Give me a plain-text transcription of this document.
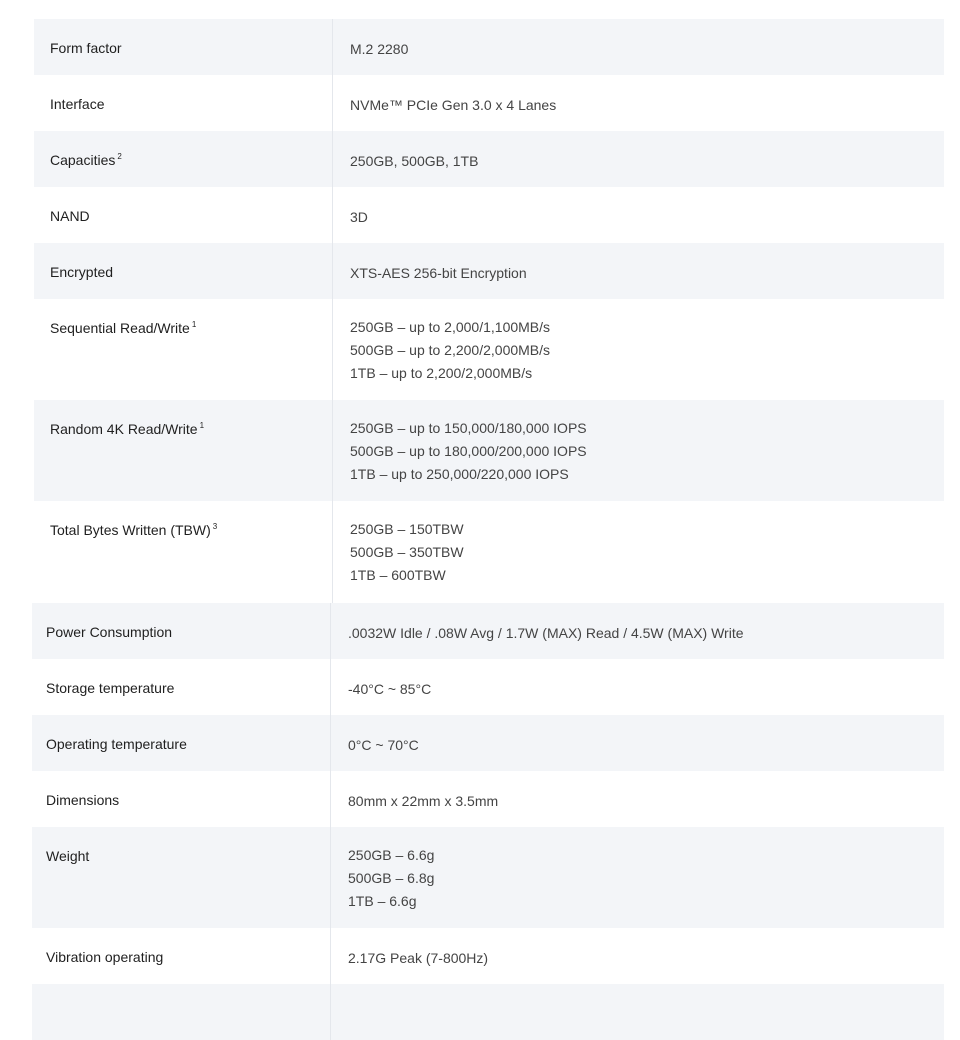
Form factor	M.2 2280
Interface	NVMe™ PCIe Gen 3.0 x 4 Lanes
Capacities $^2$	250GB, 500GB, 1TB
NAND	3D
Encrypted	XTS-AES 256-bit Encryption
Sequential Read/Write $^1$	250GB – up to 2,000/1,100MB/s
500GB – up to 2,200/2,000MB/s
1TB – up to 2,200/2,000MB/s
Random 4K Read/Write $^1$	250GB – up to 150,000/180,000 IOPS
500GB – up to 180,000/200,000 IOPS
1TB – up to 250,000/220,000 IOPS
Total Bytes Written (TBW) $^3$	250GB – 150TBW
500GB – 350TBW
1TB – 600TBW
Power Consumption	.0032W Idle / .08W Avg / 1.7W (MAX) Read / 4.5W (MAX) Write
Storage temperature	-40°C ~ 85°C
Operating temperature	0°C ~ 70°C
Dimensions	80mm x 22mm x 3.5mm
Weight	250GB – 6.6g
500GB – 6.8g
1TB – 6.6g
Vibration operating	2.17G Peak (7-800Hz)
